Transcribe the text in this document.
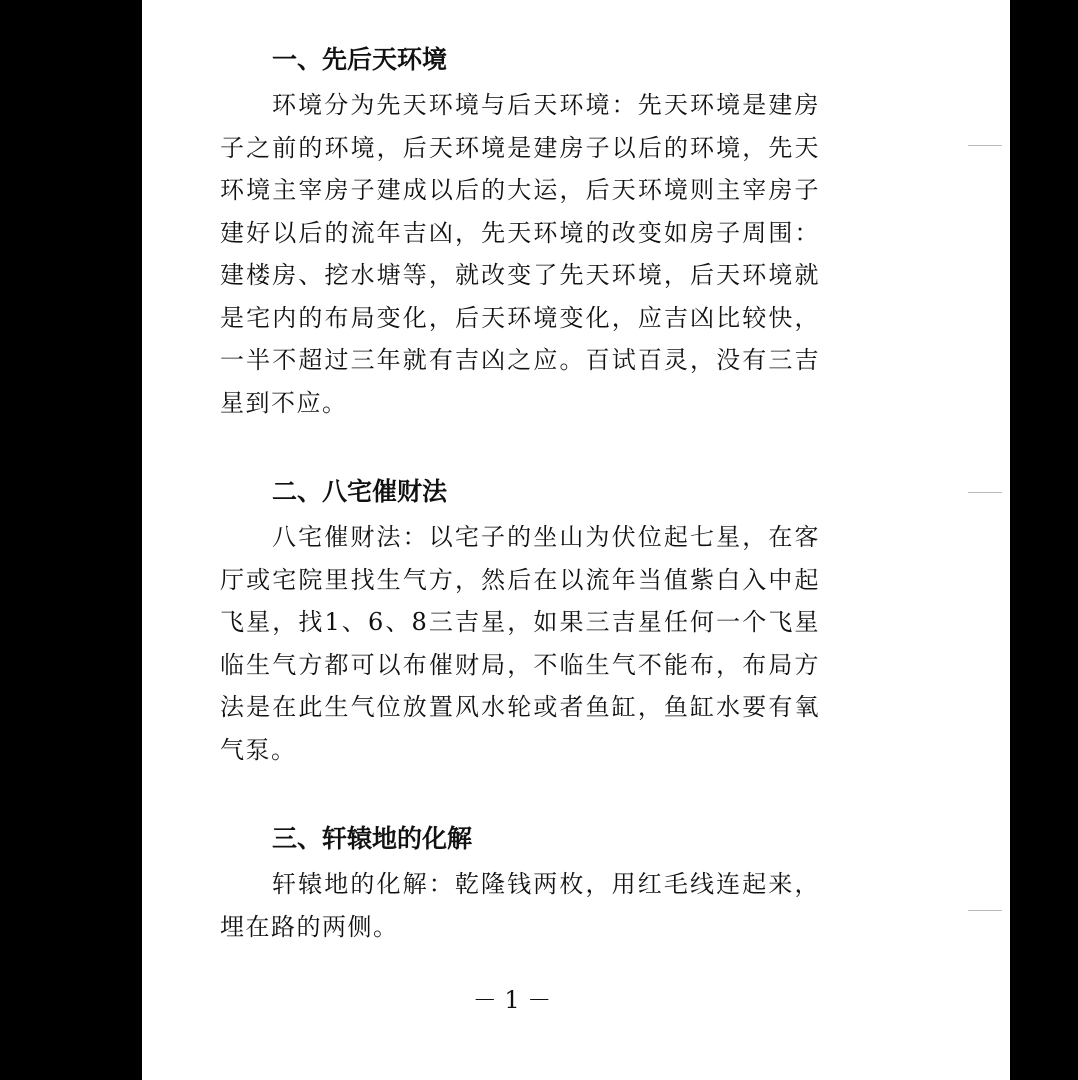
一、先后天环境

环境分为先天环境与后天环境：先天环境是建房子之前的环境，后天环境是建房子以后的环境，先天环境主宰房子建成以后的大运，后天环境则主宰房子建好以后的流年吉凶，先天环境的改变如房子周围：建楼房、挖水塘等，就改变了先天环境，后天环境就是宅内的布局变化，后天环境变化，应吉凶比较快，一半不超过三年就有吉凶之应。百试百灵，没有三吉星到不应。

二、八宅催财法

八宅催财法：以宅子的坐山为伏位起七星，在客厅或宅院里找生气方，然后在以流年当值紫白入中起飞星，找1、6、8三吉星，如果三吉星任何一个飞星临生气方都可以布催财局，不临生气不能布，布局方法是在此生气位放置风水轮或者鱼缸，鱼缸水要有氧气泵。

三、轩辕地的化解

轩辕地的化解：乾隆钱两枚，用红毛线连起来，埋在路的两侧。

－ 1 －
